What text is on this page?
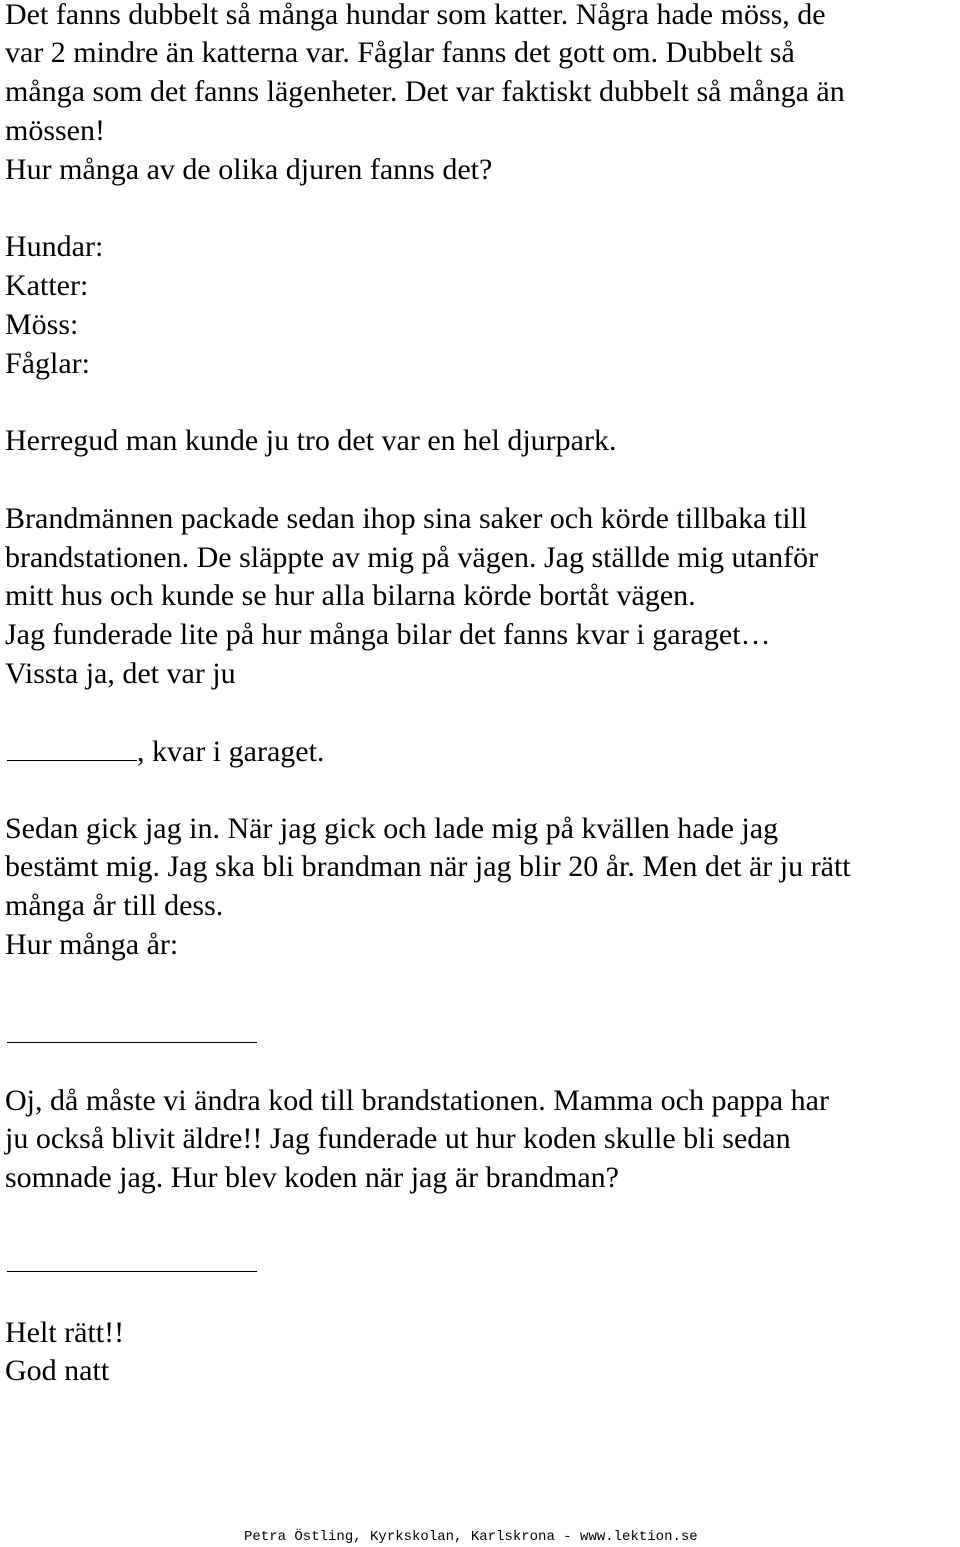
Det fanns dubbelt så många hundar som katter. Några hade möss, de
var 2 mindre än katterna var. Fåglar fanns det gott om. Dubbelt så
många som det fanns lägenheter. Det var faktiskt dubbelt så många än
mössen!
Hur många av de olika djuren fanns det?
Hundar:
Katter:
Möss:
Fåglar:
Herregud man kunde ju tro det var en hel djurpark.
Brandmännen packade sedan ihop sina saker och körde tillbaka till
brandstationen. De släppte av mig på vägen. Jag ställde mig utanför
mitt hus och kunde se hur alla bilarna körde bortåt vägen.
Jag funderade lite på hur många bilar det fanns kvar i garaget…
Vissta ja, det var ju
, kvar i garaget.
Sedan gick jag in. När jag gick och lade mig på kvällen hade jag
bestämt mig. Jag ska bli brandman när jag blir 20 år. Men det är ju rätt
många år till dess.
Hur många år:
Oj, då måste vi ändra kod till brandstationen. Mamma och pappa har
ju också blivit äldre!! Jag funderade ut hur koden skulle bli sedan
somnade jag. Hur blev koden när jag är brandman?
Helt rätt!!
God natt
Petra Östling, Kyrkskolan, Karlskrona - www.lektion.se
